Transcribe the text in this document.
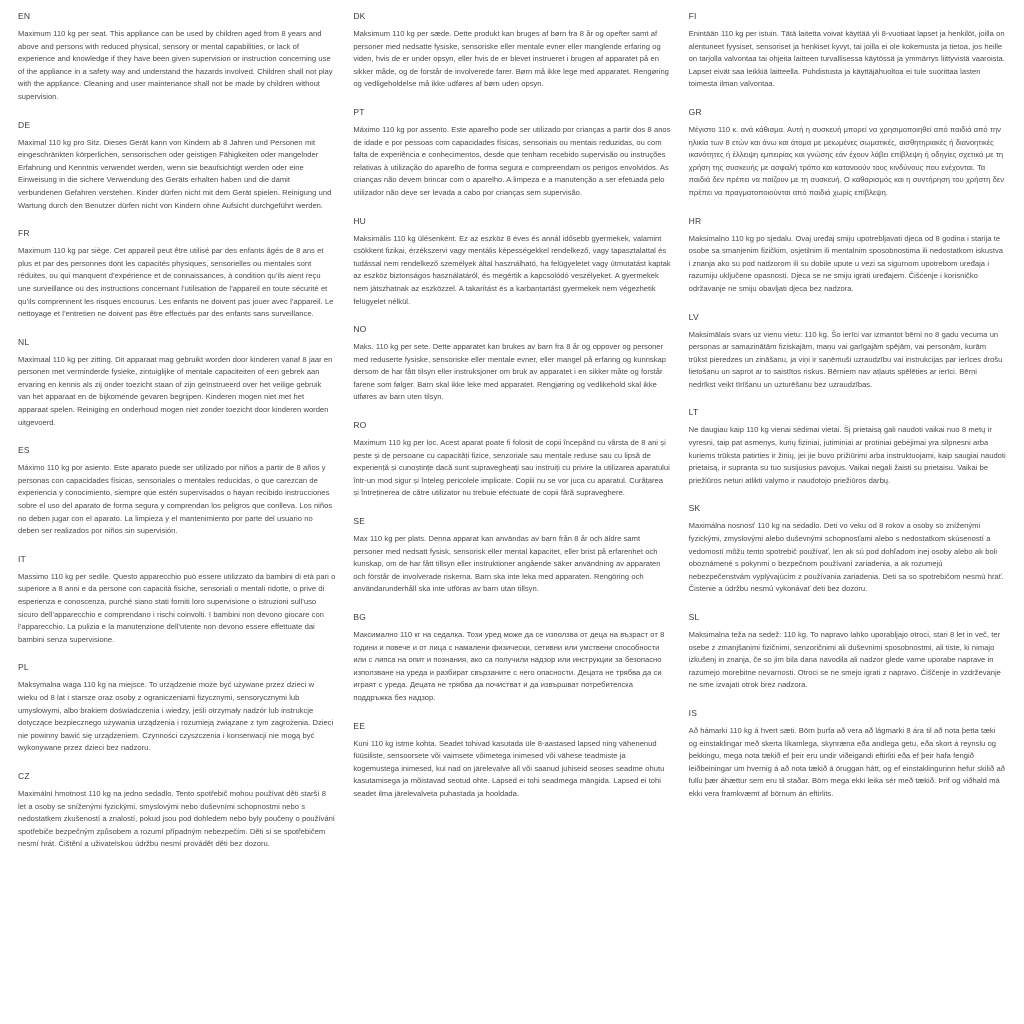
EN

Maximum 110 kg per seat. This appliance can be used by children aged from 8 years and above and persons with reduced physical, sensory or mental capabilities, or lack of experience and knowledge if they have been given supervision or instruction concerning use of the appliance in a safety way and understand the hazards involved. Children shall not play with the appliance. Cleaning and user maintenance shall not be made by children without supervision.

DE

Maximal 110 kg pro Sitz. Dieses Gerät kann von Kindern ab 8 Jahren und Personen mit eingeschränkten körperlichen, sensorischen oder geistigen Fähigkeiten oder mangelnder Erfahrung und Kenntnis verwendet werden, wenn sie beaufsichtigt werden oder eine Einweisung in die sichere Verwendung des Geräts erhalten haben und die damit verbundenen Gefahren verstehen. Kinder dürfen nicht mit dem Gerät spielen. Reinigung und Wartung durch den Benutzer dürfen nicht von Kindern ohne Aufsicht durchgeführt werden.

FR

Maximum 110 kg par siège. Cet appareil peut être utilisé par des enfants âgés de 8 ans et plus et par des personnes dont les capacités physiques, sensorielles ou mentales sont réduites, ou qui manquent d’expérience et de connaissances, à condition qu’ils aient reçu une surveillance ou des instructions concernant l’utilisation de l’appareil en toute sécurité et qu’ils comprennent les risques encourus. Les enfants ne doivent pas jouer avec l’appareil. Le nettoyage et l’entretien ne doivent pas être effectués par des enfants sans surveillance.

NL

Maximaal 110 kg per zitting. Dit apparaat mag gebruikt worden door kinderen vanaf 8 jaar en personen met verminderde fysieke, zintuiglijke of mentale capaciteiten of een gebrek aan ervaring en kennis als zij onder toezicht staan of zijn geïnstrueerd over het veilige gebruik van het apparaat en de bijkomende gevaren begrijpen. Kinderen mogen niet met het apparaat spelen. Reiniging en onderhoud mogen niet zonder toezicht door kinderen worden uitgevoerd.

ES

Máximo 110 kg por asiento. Este aparato puede ser utilizado por niños a partir de 8 años y personas con capacidades físicas, sensoriales o mentales reducidas, o que carezcan de experiencia y conocimiento, siempre que estén supervisados o hayan recibido instrucciones sobre el uso del aparato de forma segura y comprendan los peligros que conlleva. Los niños no deben jugar con el aparato. La limpieza y el mantenimiento por parte del usuario no deben ser realizados por niños sin supervisión.

IT

Massimo 110 kg per sedile. Questo apparecchio può essere utilizzato da bambini di età pari o superiore a 8 anni e da persone con capacità fisiche, sensoriali o mentali ridotte, o prive di esperienza e conoscenza, purché siano stati forniti loro supervisione o istruzioni sull’uso sicuro dell’apparecchio e comprendano i rischi coinvolti. I bambini non devono giocare con l’apparecchio. La pulizia e la manutenzione dell’utente non devono essere effettuate dai bambini senza supervisione.

PL

Maksymalna waga 110 kg na miejsce. To urządzenie może być używane przez dzieci w wieku od 8 lat i starsze oraz osoby z ograniczeniami fizycznymi, sensorycznymi lub umysłowymi, albo brakiem doświadczenia i wiedzy, jeśli otrzymały nadzór lub instrukcje dotyczące bezpiecznego używania urządzenia i rozumieją związane z tym zagrożenia. Dzieci nie powinny bawić się urządzeniem. Czynności czyszczenia i konserwacji nie mogą być wykonywane przez dzieci bez nadzoru.

CZ

Maximální hmotnost 110 kg na jedno sedadlo. Tento spotřebič mohou používat děti starší 8 let a osoby se sníženými fyzickými, smyslovými nebo duševními schopnostmi nebo s nedostatkem zkušeností a znalostí, pokud jsou pod dohledem nebo byly poučeny o používání spotřebiče bezpečným způsobem a rozumí případným nebezpečím. Děti si se spotřebičem nesmí hrát. Čištění a uživatelskou údržbu nesmí provádět děti bez dozoru.

DK

Maksimum 110 kg per sæde. Dette produkt kan bruges af børn fra 8 år og opefter samt af personer med nedsatte fysiske, sensoriske eller mentale evner eller manglende erfaring og viden, hvis de er under opsyn, eller hvis de er blevet instrueret i brugen af apparatet på en sikker måde, og de forstår de involverede farer. Børn må ikke lege med apparatet. Rengøring og vedligeholdelse må ikke udføres af børn uden opsyn.

PT

Máximo 110 kg por assento. Este aparelho pode ser utilizado por crianças a partir dos 8 anos de idade e por pessoas com capacidades físicas, sensoriais ou mentais reduzidas, ou com falta de experiência e conhecimentos, desde que tenham recebido supervisão ou instruções relativas à utilização do aparelho de forma segura e compreendam os perigos envolvidos. As crianças não devem brincar com o aparelho. A limpeza e a manutenção a ser efetuada pelo utilizador não deve ser levada a cabo por crianças sem supervisão.

HU

Maksimális 110 kg ülésenként. Ez az eszköz 8 éves és annál idősebb gyermekek, valamint csökkent fizikai, érzékszervi vagy mentális képességekkel rendelkező, vagy tapasztalattal és tudással nem rendelkező személyek által használható, ha felügyeletet vagy útmutatást kaptak az eszköz biztonságos használatáról, és megértik a kapcsolódó veszélyeket. A gyermekek nem játszhatnak az eszközzel. A takarítást és a karbantartást gyermekek nem végezhetik felügyelet nélkül.

NO

Maks. 110 kg per sete. Dette apparatet kan brukes av barn fra 8 år og oppover og personer med reduserte fysiske, sensoriske eller mentale evner, eller mangel på erfaring og kunnskap dersom de har fått tilsyn eller instruksjoner om bruk av apparatet i en sikker måte og forstår farene som følger. Barn skal ikke leke med apparatet. Rengjøring og vedlikehold skal ikke utføres av barn uten tilsyn.

RO

Maximum 110 kg per loc. Acest aparat poate fi folosit de copii începând cu vârsta de 8 ani și peste și de persoane cu capacități fizice, senzoriale sau mentale reduse sau cu lipsă de experiență și cunoștințe dacă sunt supravegheați sau instruiți cu privire la utilizarea aparatului într-un mod sigur și înțeleg pericolele implicate. Copiii nu se vor juca cu aparatul. Curățarea și întreținerea de către utilizator nu trebuie efectuate de copii fără supraveghere.

SE

Max 110 kg per plats. Denna apparat kan användas av barn från 8 år och äldre samt personer med nedsatt fysisk, sensorisk eller mental kapacitet, eller brist på erfarenhet och kunskap, om de har fått tillsyn eller instruktioner angående säker användning av apparaten och förstår de involverade riskerna. Barn ska inte leka med apparaten. Rengöring och användarunderhåll ska inte utföras av barn utan tillsyn.

BG

Максимално 110 кг на седалка. Този уред може да се използва от деца на възраст от 8 години и повече и от лица с намалени физически, сетивни или умствени способности или с липса на опит и познания, ако са получили надзор или инструкции за безопасно използване на уреда и разбират свързаните с него опасности. Децата не трябва да си играят с уреда. Децата не трябва да почистват и да извършват потребителска поддръжка без надзор.

EE

Kuni 110 kg istme kohta. Seadet tohivad kasutada üle 8-aastased lapsed ning vähenenud füüsiliste, sensoorsete või vaimsete võimetega inimesed või vähese teadmiste ja kogemustega inimesed, kui nad on järelevalve all või saanud juhiseid seoses seadme ohutu kasutamisega ja mõistavad seotud ohte. Lapsed ei tohi seadmega mängida. Lapsed ei tohi seadet ilma järelevalveta puhastada ja hooldada.

FI

Enintään 110 kg per istuin. Tätä laitetta voivat käyttää yli 8-vuotiaat lapset ja henkilöt, joilla on alentuneet fyysiset, sensoriset ja henkiset kyvyt, tai joilla ei ole kokemusta ja tietoa, jos heille on tarjolla valvontaa tai ohjeita laitteen turvallisessa käytössä ja ymmärrys liittyvistä vaaroista. Lapset eivät saa leikkiä laitteella. Puhdistusta ja käyttäjähuoltoa ei tule suorittaa lasten toimesta ilman valvontaa.

GR

Μέγιστο 110 κ. ανά κάθισμα. Αυτή η συσκευή μπορεί να χρησιμοποιηθεί από παιδιά από την ηλικία των 8 ετών και άνω και άτομα με μειωμένες σωματικές, αισθητηριακές ή διανοητικές ικανότητες ή έλλειψη εμπειρίας και γνώσης εάν έχουν λάβει επίβλεψη ή οδηγίες σχετικά με τη χρήση της συσκευής με ασφαλή τρόπο και κατανοούν τους κινδύνους που ενέχονται. Τα παιδιά δεν πρέπει να παίζουν με τη συσκευή. Ο καθαρισμός και η συντήρηση του χρήστη δεν πρέπει να πραγματοποιούνται από παιδιά χωρίς επίβλεψη.

HR

Maksimalno 110 kg po sjedalu. Ovaj uređaj smiju upotrebljavati djeca od 8 godina i starija te osobe sa smanjenim fizičkim, osjetilnim ili mentalnim sposobnostima ili nedostatkom iskustva i znanja ako su pod nadzorom ili su dobile upute u vezi sa sigurnom upotrebom uređaja i razumiju uključene opasnosti. Djeca se ne smiju igrati uređajem. Čišćenje i korisničko održavanje ne smiju obavljati djeca bez nadzora.

LV

Maksimālais svars uz vienu vietu: 110 kg. Šo ierīci var izmantot bērni no 8 gadu vecuma un personas ar samazinātām fiziskajām, maņu vai garīgajām spējām, vai personām, kurām trūkst pieredzes un zināšanu, ja viņi ir saņēmuši uzraudzību vai instrukcijas par ierīces drošu lietošanu un saprot ar to saistītos riskus. Bērniem nav atļauts spēlēties ar ierīci. Bērni nedrīkst veikt tīrīšanu un uzturēšanu bez uzraudzības.

LT

Ne daugiau kaip 110 kg vienai sėdimai vietai. Šį prietaisą gali naudoti vaikai nuo 8 metų ir vyresni, taip pat asmenys, kurių fiziniai, jutiminiai ar protiniai gebėjimai yra silpnesni arba kuriems trūksta patirties ir žinių, jei jie buvo prižiūrimi arba instruktuojami, kaip saugiai naudoti prietaisą, ir supranta su tuo susijusius pavojus. Vaikai negali žaisti su prietaisu. Vaikai be priežiūros neturi atlikti valymo ir naudotojo priežiūros darbų.

SK

Maximálna nosnosť 110 kg na sedadlo. Deti vo veku od 8 rokov a osoby so zníženými fyzickými, zmyslovými alebo duševnými schopnosťami alebo s nedostatkom skúseností a vedomostí môžu tento spotrebič používať, len ak sú pod dohľadom inej osoby alebo ak boli oboznámené s pokynmi o bezpečnom používaní zariadenia, a ak rozumejú nebezpečenstvám vyplývajúcim z používania zariadenia. Deti sa so spotrebičom nesmú hrať. Čistenie a údržbu nesmú vykonávať deti bez dozoru.

SL

Maksimalna teža na sedež: 110 kg. To napravo lahko uporabljajo otroci, stari 8 let in več, ter osebe z zmanjšanimi fizičnimi, senzoričnimi ali duševnimi sposobnostmi, ali tiste, ki nimajo izkušenj in znanja, če so jim bila dana navodila ali nadzor glede varne uporabe naprave in razumejo morebitne nevarnosti. Otroci se ne smejo igrati z napravo. Čiščenje in vzdrževanje ne sme izvajati otrok brez nadzora.

IS

Að hámarki 110 kg á hvert sæti. Börn þurfa að vera að lágmarki 8 ára til að nota þetta tæki og einstaklingar með skerta líkamlega, skynræna eða andlega getu, eða skort á reynslu og þekkingu, mega nota tækið ef þeir eru undir viðeigandi eftirliti eða ef þeir hafa fengið leiðbeiningar um hvernig á að nota tækið á öruggan hátt, og ef einstaklingurinn hefur skilið að fullu þær áhættur sem eru til staðar. Börn mega ekki leika sér með tækið. Þrif og viðhald má ekki vera framkvæmt af börnum án eftirlits.
